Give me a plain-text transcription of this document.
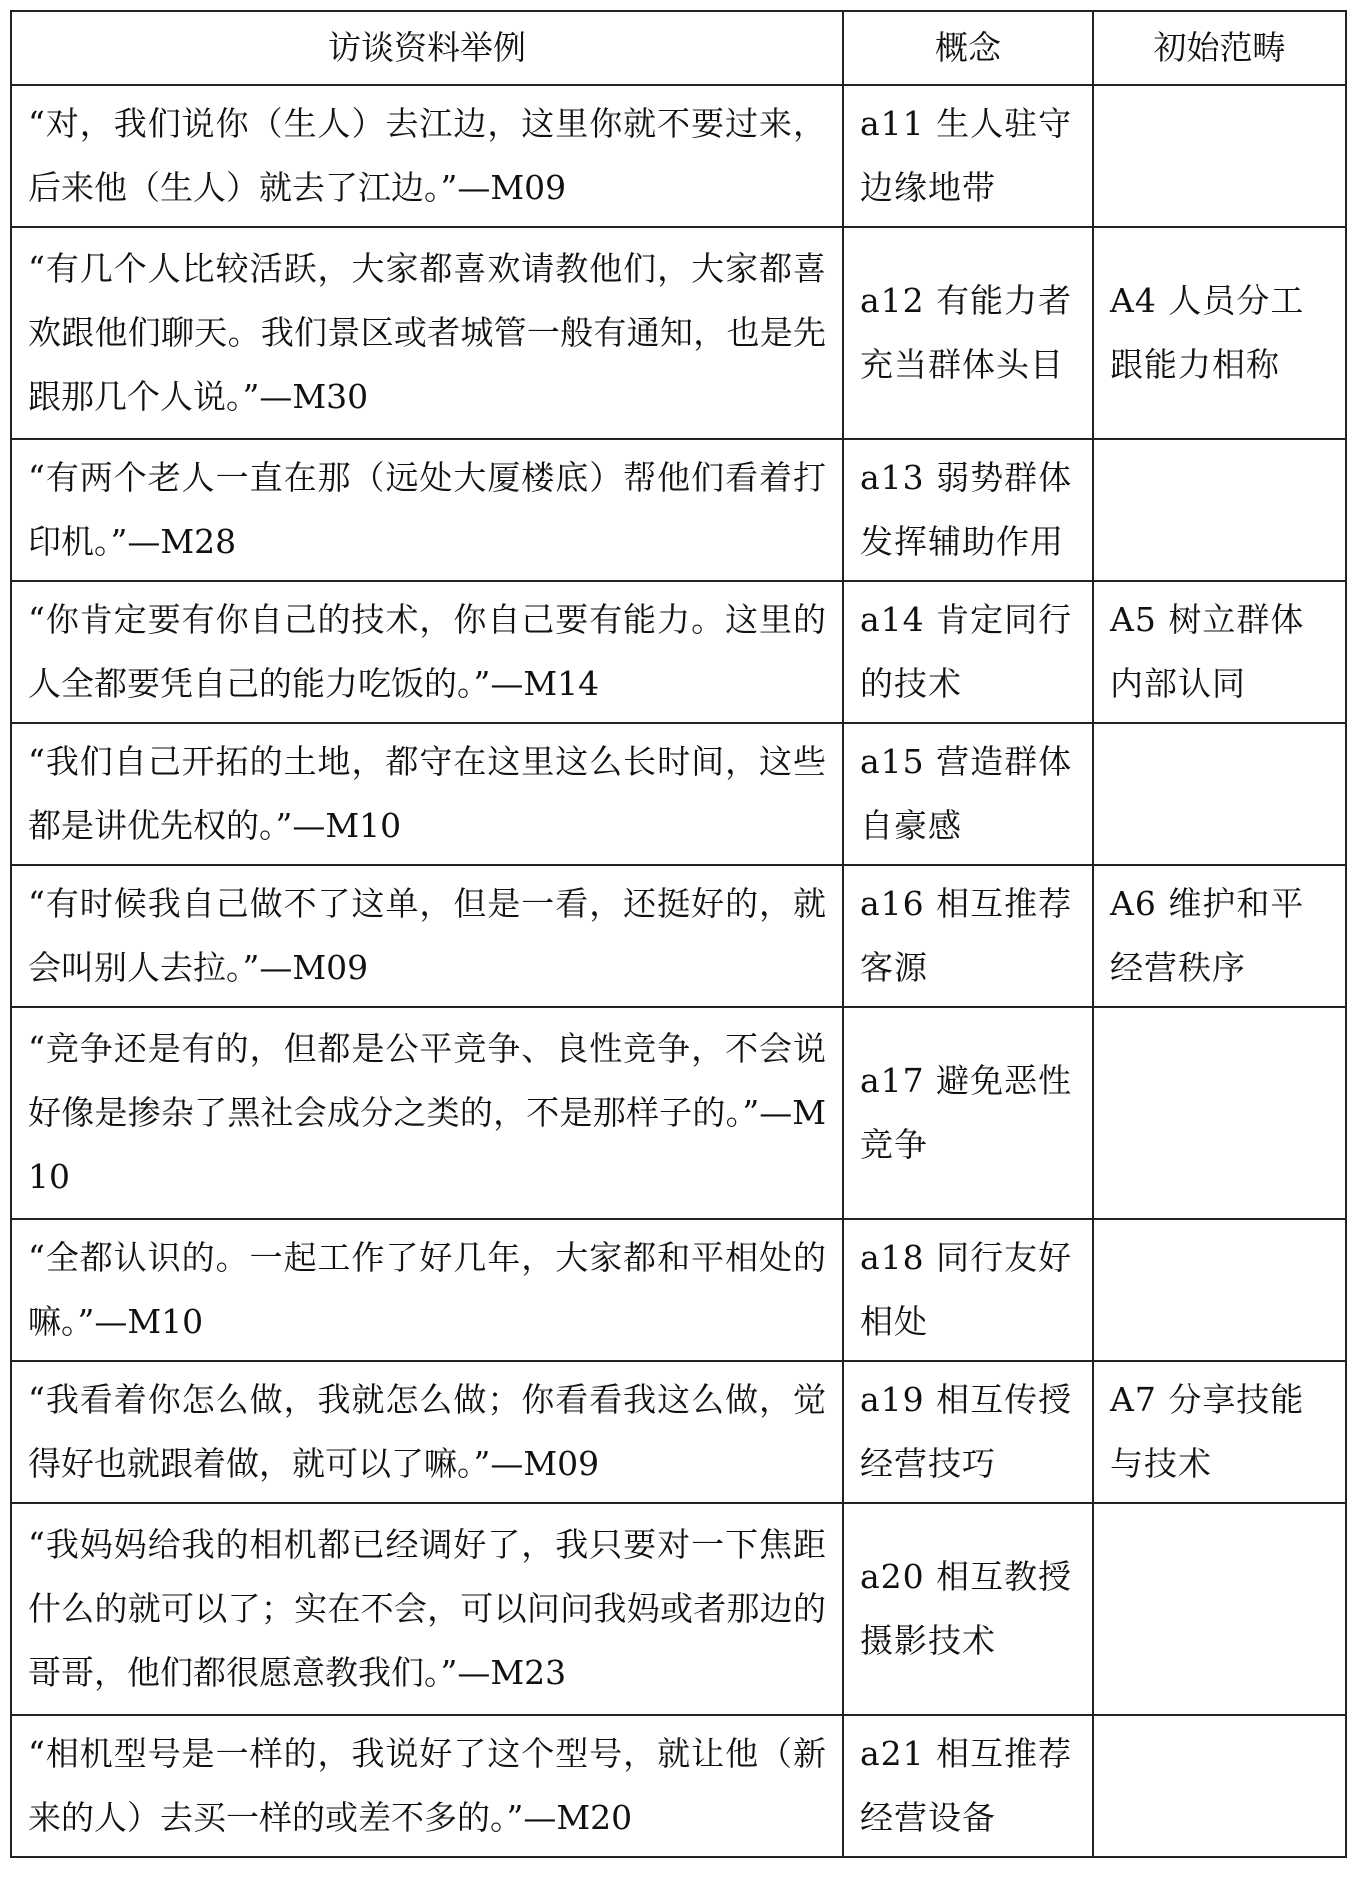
访谈资料举例	概念	初始范畴
“对，我们说你（生人）去江边，这里你就不要过来，后来他（生人）就去了江边。”—M09	a11 生人驻守边缘地带	
“有几个人比较活跃，大家都喜欢请教他们，大家都喜欢跟他们聊天。我们景区或者城管一般有通知，也是先跟那几个人说。”—M30	a12 有能力者充当群体头目	A4 人员分工跟能力相称
“有两个老人一直在那（远处大厦楼底）帮他们看着打印机。”—M28	a13 弱势群体发挥辅助作用	
“你肯定要有你自己的技术，你自己要有能力。这里的人全都要凭自己的能力吃饭的。”—M14	a14 肯定同行的技术	A5 树立群体内部认同
“我们自己开拓的土地，都守在这里这么长时间，这些都是讲优先权的。”—M10	a15 营造群体自豪感	
“有时候我自己做不了这单，但是一看，还挺好的，就会叫别人去拉。”—M09	a16 相互推荐客源	A6 维护和平经营秩序
“竞争还是有的，但都是公平竞争、良性竞争，不会说好像是掺杂了黑社会成分之类的，不是那样子的。”—M10	a17 避免恶性竞争	
“全都认识的。一起工作了好几年，大家都和平相处的嘛。”—M10	a18 同行友好相处	
“我看着你怎么做，我就怎么做；你看看我这么做，觉得好也就跟着做，就可以了嘛。”—M09	a19 相互传授经营技巧	A7 分享技能与技术
“我妈妈给我的相机都已经调好了，我只要对一下焦距什么的就可以了；实在不会，可以问问我妈或者那边的哥哥，他们都很愿意教我们。”—M23	a20 相互教授摄影技术	
“相机型号是一样的，我说好了这个型号，就让他（新来的人）去买一样的或差不多的。”—M20	a21 相互推荐经营设备	
